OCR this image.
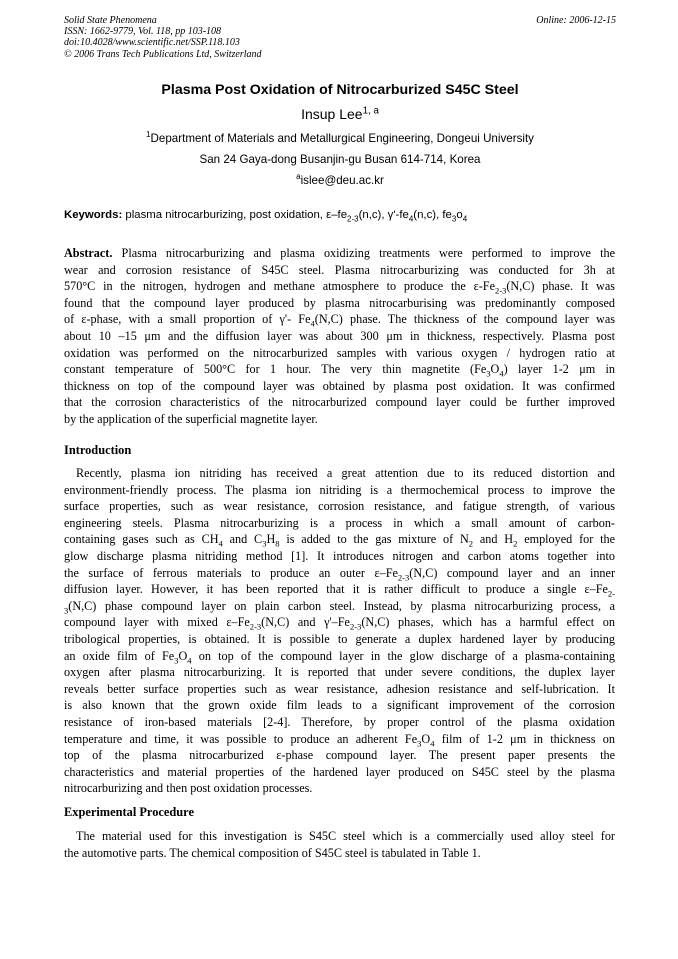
Solid State Phenomena
ISSN: 1662-9779, Vol. 118, pp 103-108
doi:10.4028/www.scientific.net/SSP.118.103
© 2006 Trans Tech Publications Ltd, Switzerland
Online: 2006-12-15
Plasma Post Oxidation of Nitrocarburized S45C Steel
Insup Lee$^{1, a}$
$^1$Department of Materials and Metallurgical Engineering, Dongeui University
San 24 Gaya-dong Busanjin-gu Busan 614-714, Korea
$^a$islee@deu.ac.kr
Keywords: plasma nitrocarburizing, post oxidation, $\varepsilon-fe_{2-3}(n,c)$, $\gamma'-fe_4(n,c)$, $fe_3o_4$
Abstract. Plasma nitrocarburizing and plasma oxidizing treatments were performed to improve the
wear and corrosion resistance of S45C steel. Plasma nitrocarburizing was conducted for 3h at
570°C in the nitrogen, hydrogen and methane atmosphere to produce the $\varepsilon-Fe_{2-3}(N,C)$ phase. It was
found that the compound layer produced by plasma nitrocarburising was predominantly composed
of ε-phase, with a small proportion of γ'- $Fe_4(N,C)$ phase. The thickness of the compound layer was
about 10 –15 μm and the diffusion layer was about 300 μm in thickness, respectively. Plasma post
oxidation was performed on the nitrocarburized samples with various oxygen / hydrogen ratio at
constant temperature of 500°C for 1 hour. The very thin magnetite $(Fe_3O_4)$ layer 1-2 μm in
thickness on top of the compound layer was obtained by plasma post oxidation. It was confirmed
that the corrosion characteristics of the nitrocarburized compound layer could be further improved
by the application of the superficial magnetite layer.
Introduction
Recently, plasma ion nitriding has received a great attention due to its reduced distortion and
environment-friendly process. The plasma ion nitriding is a thermochemical process to improve the
surface properties, such as wear resistance, corrosion resistance, and fatigue strength, of various
engineering steels. Plasma nitrocarburizing is a process in which a small amount of carbon-
containing gases such as $CH_4$ and $C_3H_8$ is added to the gas mixture of $N_2$ and $H_2$ employed for the
glow discharge plasma nitriding method [1]. It introduces nitrogen and carbon atoms together into
the surface of ferrous materials to produce an outer $\varepsilon-Fe_{2-3}(N,C)$ compound layer and an inner
diffusion layer. However, it has been reported that it is rather difficult to produce a single $\varepsilon-Fe_{2-}$
$_3$(N,C) phase compound layer on plain carbon steel. Instead, by plasma nitrocarburizing process, a
compound layer with mixed $\varepsilon-Fe_{2-3}(N,C)$ and $\gamma'-Fe_{2-3}(N,C)$ phases, which has a harmful effect on
tribological properties, is obtained. It is possible to generate a duplex hardened layer by producing
an oxide film of $Fe_3O_4$ on top of the compound layer in the glow discharge of a plasma-containing
oxygen after plasma nitrocarburizing. It is reported that under severe conditions, the duplex layer
reveals better surface properties such as wear resistance, adhesion resistance and self-lubrication. It
is also known that the grown oxide film leads to a significant improvement of the corrosion
resistance of iron-based materials [2-4]. Therefore, by proper control of the plasma oxidation
temperature and time, it was possible to produce an adherent $Fe_3O_4$ film of 1-2 μm in thickness on
top of the plasma nitrocarburized ε-phase compound layer. The present paper presents the
characteristics and material properties of the hardened layer produced on S45C steel by the plasma
nitrocarburizing and then post oxidation processes.
Experimental Procedure
The material used for this investigation is S45C steel which is a commercially used alloy steel for
the automotive parts. The chemical composition of S45C steel is tabulated in Table 1.
